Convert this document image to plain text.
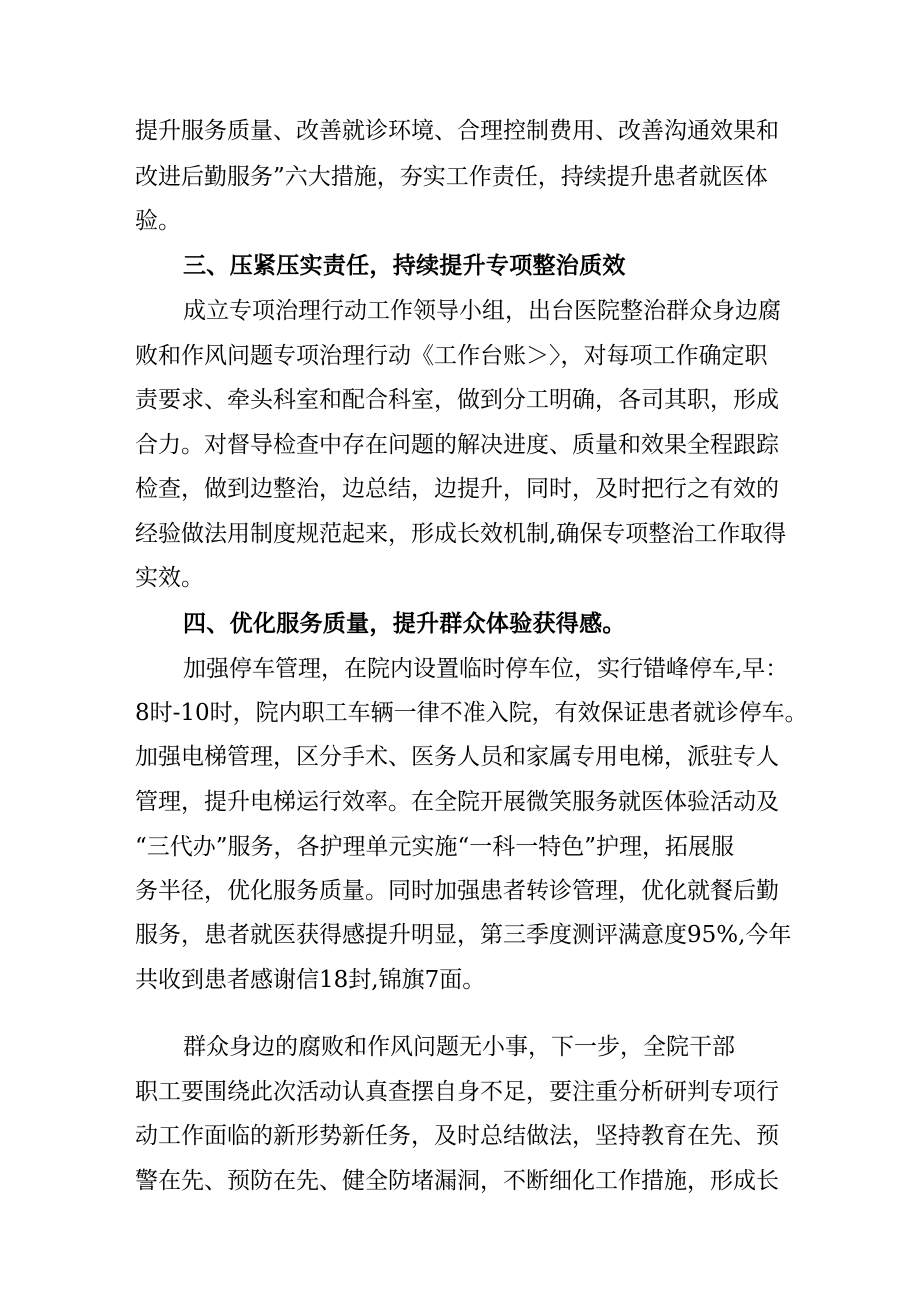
提升服务质量、改善就诊环境、合理控制费用、改善沟通效果和
改进后勤服务”六大措施，夯实工作责任，持续提升患者就医体
验。
三、压紧压实责任，持续提升专项整治质效
成立专项治理行动工作领导小组，出台医院整治群众身边腐
败和作风问题专项治理行动《工作台账＞〉，对每项工作确定职
责要求、牵头科室和配合科室，做到分工明确，各司其职，形成
合力。对督导检查中存在问题的解决进度、质量和效果全程跟踪
检查，做到边整治，边总结，边提升，同时，及时把行之有效的
经验做法用制度规范起来，形成长效机制,确保专项整治工作取得
实效。
四、优化服务质量，提升群众体验获得感。
加强停车管理，在院内设置临时停车位，实行错峰停车,早：
8时-10时，院内职工车辆一律不准入院，有效保证患者就诊停车。
加强电梯管理，区分手术、医务人员和家属专用电梯，派驻专人
管理，提升电梯运行效率。在全院开展微笑服务就医体验活动及
“三代办”服务，各护理单元实施“一科一特色”护理，拓展服
务半径，优化服务质量。同时加强患者转诊管理，优化就餐后勤
服务，患者就医获得感提升明显，第三季度测评满意度95%,今年
共收到患者感谢信18封,锦旗7面。
群众身边的腐败和作风问题无小事，下一步，全院干部
职工要围绕此次活动认真查摆自身不足，要注重分析研判专项行
动工作面临的新形势新任务，及时总结做法，坚持教育在先、预
警在先、预防在先、健全防堵漏洞，不断细化工作措施，形成长
